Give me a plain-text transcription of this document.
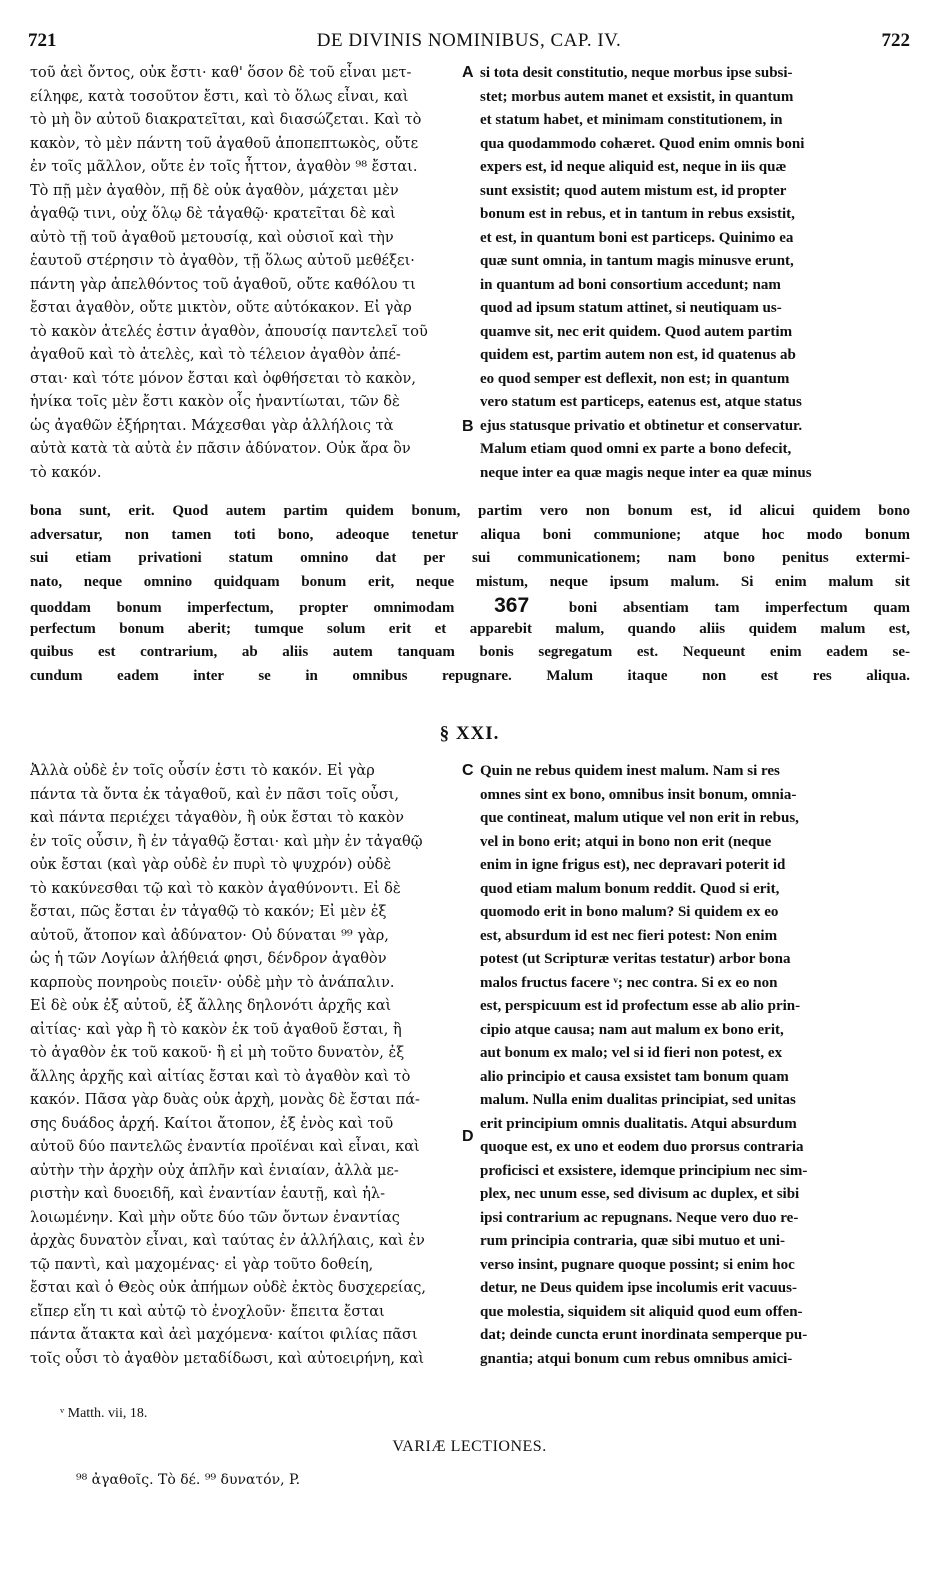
721	DE DIVINIS NOMINIBUS, CAP. IV.	722
τοῦ ἀεὶ ὄντος, οὐκ ἔστι· καθ' ὅσον δὲ τοῦ εἶναι μετ-
είληφε, κατὰ τοσοῦτον ἔστι, καὶ τὸ ὅλως εἶναι, καὶ
τὸ μὴ ὂν αὐτοῦ διακρατεῖται, καὶ διασώζεται. Καὶ τὸ
κακὸν, τὸ μὲν πάντη τοῦ ἀγαθοῦ ἀποπεπτωκὸς, οὔτε
ἐν τοῖς μᾶλλον, οὔτε ἐν τοῖς ἧττον, ἀγαθὸν ⁹⁸ ἔσται.
Τὸ πῇ μὲν ἀγαθὸν, πῇ δὲ οὐκ ἀγαθὸν, μάχεται μὲν
ἀγαθῷ τινι, οὐχ ὅλῳ δὲ τἀγαθῷ· κρατεῖται δὲ καὶ
αὐτὸ τῇ τοῦ ἀγαθοῦ μετουσίᾳ, καὶ οὐσιοῖ καὶ τὴν
ἑαυτοῦ στέρησιν τὸ ἀγαθὸν, τῇ ὅλως αὐτοῦ μεθέξει·
πάντη γὰρ ἀπελθόντος τοῦ ἀγαθοῦ, οὔτε καθόλου τι
ἔσται ἀγαθὸν, οὔτε μικτὸν, οὔτε αὐτόκακον. Εἰ γὰρ
τὸ κακὸν ἀτελές ἐστιν ἀγαθὸν, ἀπουσίᾳ παντελεῖ τοῦ
ἀγαθοῦ καὶ τὸ ἀτελὲς, καὶ τὸ τέλειον ἀγαθὸν ἀπέ-
σται· καὶ τότε μόνον ἔσται καὶ ὀφθήσεται τὸ κακὸν,
ἡνίκα τοῖς μὲν ἔστι κακὸν οἷς ἠναντίωται, τῶν δὲ
ὡς ἀγαθῶν ἐξήρηται. Μάχεσθαι γὰρ ἀλλήλοις τὰ
αὐτὰ κατὰ τὰ αὐτὰ ἐν πᾶσιν ἀδύνατον. Οὐκ ἄρα ὂν
τὸ κακόν.
si tota desit constitutio, neque morbus ipse subsi-
stet; morbus autem manet et exsistit, in quantum
et statum habet, et minimam constitutionem, in
qua quodammodo cohæret. Quod enim omnis boni
expers est, id neque aliquid est, neque in iis quæ
sunt exsistit; quod autem mistum est, id propter
bonum est in rebus, et in tantum in rebus exsistit,
et est, in quantum boni est particeps. Quinimo ea
quæ sunt omnia, in tantum magis minusve erunt,
in quantum ad boni consortium accedunt; nam
quod ad ipsum statum attinet, si neutiquam us-
quamve sit, nec erit quidem. Quod autem partim
quidem est, partim autem non est, id quatenus ab
eo quod semper est deflexit, non est; in quantum
vero statum est particeps, eatenus est, atque status
ejus statusque privatio et obtinetur et conservatur.
Malum etiam quod omni ex parte a bono defecit,
neque inter ea quæ magis neque inter ea quæ minus
A
B
bona sunt, erit. Quod autem partim quidem bonum, partim vero non bonum est, id alicui quidem bono
adversatur, non tamen toti bono, adeoque tenetur aliqua boni communione; atque hoc modo bonum
sui etiam privationi statum omnino dat per sui communicationem; nam bono penitus extermi-
nato, neque omnino quidquam bonum erit, neque mistum, neque ipsum malum. Si enim malum sit
quoddam bonum imperfectum, propter omnimodam 367	boni absentiam tam imperfectum quam
perfectum bonum aberit; tumque solum erit et apparebit malum, quando aliis quidem malum est,
quibus est contrarium, ab aliis autem tanquam bonis segregatum est. Nequeunt enim eadem se-
cundum eadem inter se in omnibus repugnare. Malum itaque non est res aliqua.
§ XXI.
Ἀλλὰ οὐδὲ ἐν τοῖς οὖσίν ἐστι τὸ κακόν. Εἰ γὰρ
πάντα τὰ ὄντα ἐκ τἀγαθοῦ, καὶ ἐν πᾶσι τοῖς οὖσι,
καὶ πάντα περιέχει τἀγαθὸν, ἢ οὐκ ἔσται τὸ κακὸν
ἐν τοῖς οὖσιν, ἢ ἐν τἀγαθῷ ἔσται· καὶ μὴν ἐν τἀγαθῷ
οὐκ ἔσται (καὶ γὰρ οὐδὲ ἐν πυρὶ τὸ ψυχρόν) οὐδὲ
τὸ κακύνεσθαι τῷ καὶ τὸ κακὸν ἀγαθύνοντι. Εἰ δὲ
ἔσται, πῶς ἔσται ἐν τἀγαθῷ τὸ κακόν; Εἰ μὲν ἐξ
αὐτοῦ, ἄτοπον καὶ ἀδύνατον· Οὐ δύναται ⁹⁹ γὰρ,
ὡς ἡ τῶν Λογίων ἀλήθειά φησι, δένδρον ἀγαθὸν
καρποὺς πονηροὺς ποιεῖν· οὐδὲ μὴν τὸ ἀνάπαλιν.
Εἰ δὲ οὐκ ἐξ αὐτοῦ, ἐξ ἄλλης δηλονότι ἀρχῆς καὶ
αἰτίας· καὶ γὰρ ἢ τὸ κακὸν ἐκ τοῦ ἀγαθοῦ ἔσται, ἢ
τὸ ἀγαθὸν ἐκ τοῦ κακοῦ· ἢ εἰ μὴ τοῦτο δυνατὸν, ἐξ
ἄλλης ἀρχῆς καὶ αἰτίας ἔσται καὶ τὸ ἀγαθὸν καὶ τὸ
κακόν. Πᾶσα γὰρ δυὰς οὐκ ἀρχὴ, μονὰς δὲ ἔσται πά-
σης δυάδος ἀρχή. Καίτοι ἄτοπον, ἐξ ἑνὸς καὶ τοῦ
αὐτοῦ δύο παντελῶς ἐναντία προϊέναι καὶ εἶναι, καὶ
αὐτὴν τὴν ἀρχὴν οὐχ ἁπλῆν καὶ ἑνιαίαν, ἀλλὰ με-
ριστὴν καὶ δυοειδῆ, καὶ ἐναντίαν ἑαυτῇ, καὶ ἠλ-
λοιωμένην. Καὶ μὴν οὔτε δύο τῶν ὄντων ἐναντίας
ἀρχὰς δυνατὸν εἶναι, καὶ ταύτας ἐν ἀλλήλαις, καὶ ἐν
τῷ παντὶ, καὶ μαχομένας· εἰ γὰρ τοῦτο δοθείη,
ἔσται καὶ ὁ Θεὸς οὐκ ἀπήμων οὐδὲ ἐκτὸς δυσχερείας,
εἴπερ εἴη τι καὶ αὐτῷ τὸ ἐνοχλοῦν· ἔπειτα ἔσται
πάντα ἄτακτα καὶ ἀεὶ μαχόμενα· καίτοι φιλίας πᾶσι
τοῖς οὖσι τὸ ἀγαθὸν μεταδίδωσι, καὶ αὐτοειρήνη, καὶ
Quin ne rebus quidem inest malum. Nam si res
omnes sint ex bono, omnibus insit bonum, omnia-
que contineat, malum utique vel non erit in rebus,
vel in bono erit; atqui in bono non erit (neque
enim in igne frigus est), nec depravari poterit id
quod etiam malum bonum reddit. Quod si erit,
quomodo erit in bono malum? Si quidem ex eo
est, absurdum id est nec fieri potest: Non enim
potest (ut Scripturæ veritas testatur) arbor bona
malos fructus facere ᵛ; nec contra. Si ex eo non
est, perspicuum est id profectum esse ab alio prin-
cipio atque causa; nam aut malum ex bono erit,
aut bonum ex malo; vel si id fieri non potest, ex
alio principio et causa exsistet tam bonum quam
malum. Nulla enim dualitas principiat, sed unitas
erit principium omnis dualitatis. Atqui absurdum
quoque est, ex uno et eodem duo prorsus contraria
proficisci et exsistere, idemque principium nec sim-
plex, nec unum esse, sed divisum ac duplex, et sibi
ipsi contrarium ac repugnans. Neque vero duo re-
rum principia contraria, quæ sibi mutuo et uni-
verso insint, pugnare quoque possint; si enim hoc
detur, ne Deus quidem ipse incolumis erit vacuus-
que molestia, siquidem sit aliquid quod eum offen-
dat; deinde cuncta erunt inordinata semperque pu-
gnantia; atqui bonum cum rebus omnibus amici-
C
D
ᵛ Matth. vii, 18.
VARIÆ LECTIONES.
⁹⁸ ἀγαθοῖς. Τὸ δέ. ⁹⁹ δυνατόν, P.
